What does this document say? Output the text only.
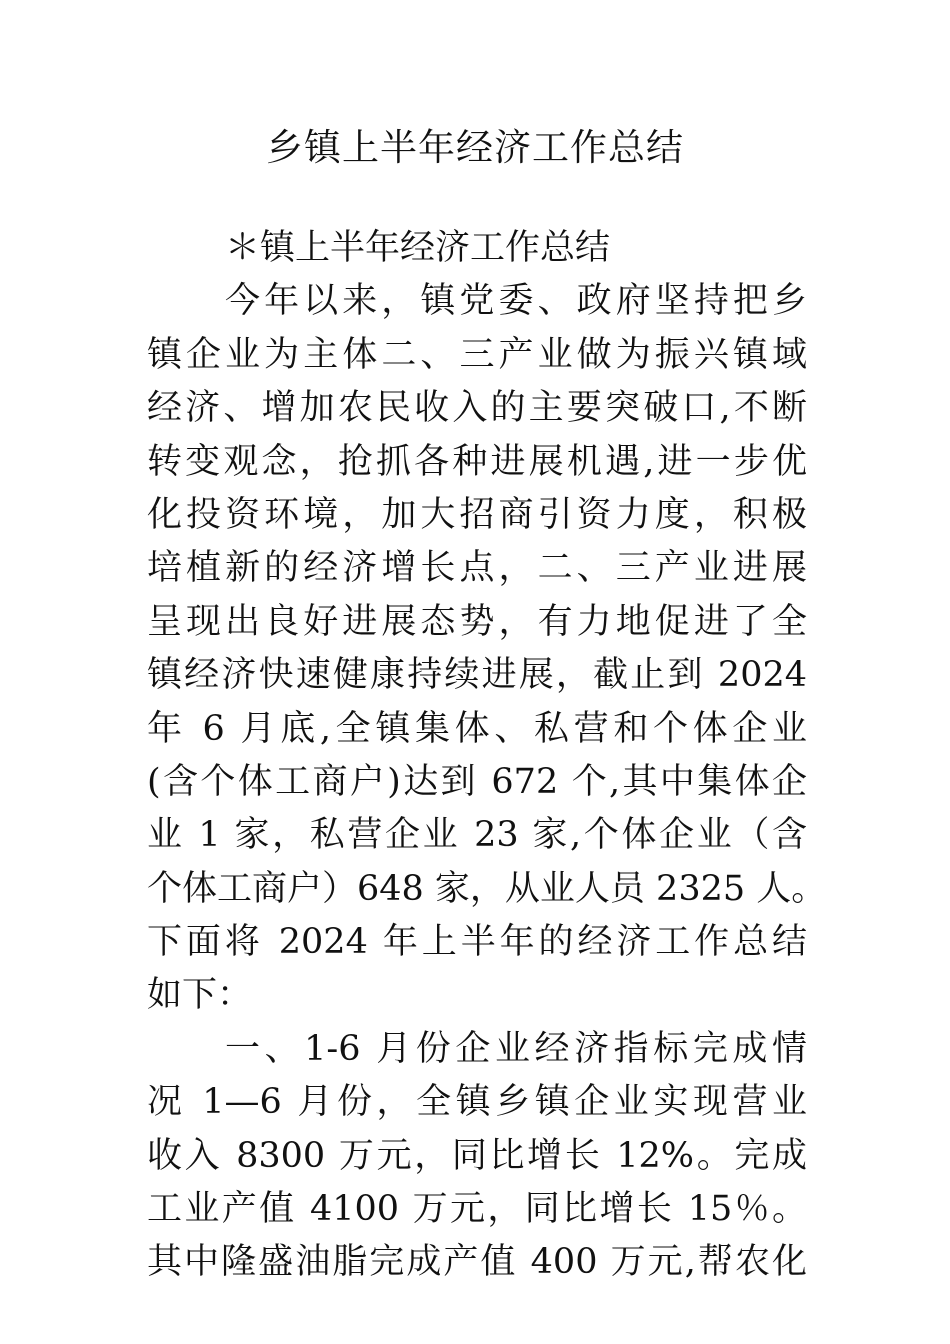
乡镇上半年经济工作总结
＊镇上半年经济工作总结
今年以来，镇党委、政府坚持把乡
镇企业为主体二、三产业做为振兴镇域
经济、增加农民收入的主要突破口,不断
转变观念，抢抓各种进展机遇,进一步优
化投资环境，加大招商引资力度，积极
培植新的经济增长点，二、三产业进展
呈现出良好进展态势，有力地促进了全
镇经济快速健康持续进展，截止到 2024
年 6 月底,全镇集体、私营和个体企业
(含个体工商户)达到 672 个,其中集体企
业 1 家，私营企业 23 家,个体企业（含
个体工商户）648 家，从业人员 2325 人。
下面将 2024 年上半年的经济工作总结
如下：
一、1-6 月份企业经济指标完成情
况 1—6 月份，全镇乡镇企业实现营业
收入 8300 万元，同比增长 12%。完成
工业产值 4100 万元，同比增长 15％。
其中隆盛油脂完成产值 400 万元,帮农化
